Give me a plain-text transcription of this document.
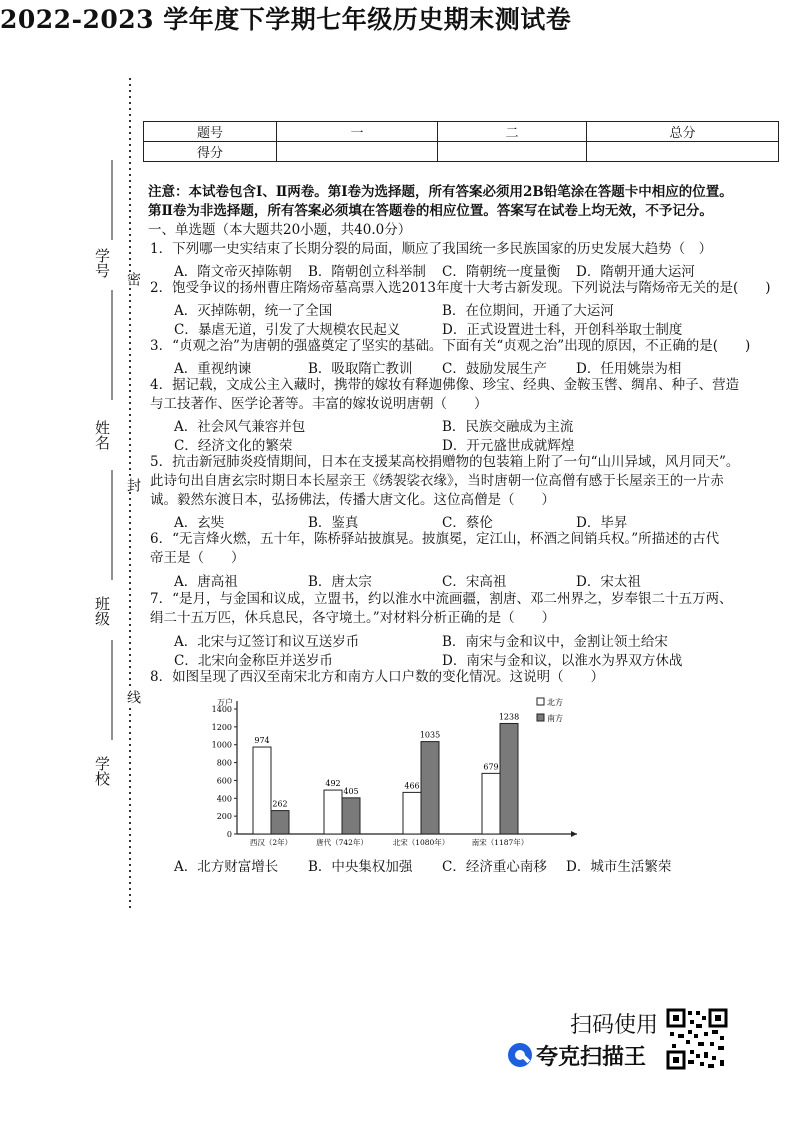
2022-2023 学年度下学期七年级历史期末测试卷
题号	一	二	总分
得分			
学号
姓名
班级
学校
密
封
线
注意：本试卷包含Ⅰ、Ⅱ两卷。第Ⅰ卷为选择题，所有答案必须用2B铅笔涂在答题卡中相应的位置。
第Ⅱ卷为非选择题，所有答案必须填在答题卷的相应位置。答案写在试卷上均无效，不予记分。
一、单选题（本大题共20小题，共40.0分）
1．下列哪一史实结束了长期分裂的局面，顺应了我国统一多民族国家的历史发展大趋势（　）
A．隋文帝灭掉陈朝 B．隋朝创立科举制 C．隋朝统一度量衡 D．隋朝开通大运河
2．饱受争议的扬州曹庄隋炀帝墓高票入选2013年度十大考古新发现。下列说法与隋炀帝无关的是(　　)
A．灭掉陈朝，统一了全国	B．在位期间，开通了大运河
C．暴虐无道，引发了大规模农民起义	D．正式设置进士科，开创科举取士制度
3．“贞观之治”为唐朝的强盛奠定了坚实的基础。下面有关“贞观之治”出现的原因，不正确的是(　　)
A．重视纳谏	B．吸取隋亡教训 C．鼓励发展生产 D．任用姚崇为相
4．据记载，文成公主入藏时，携带的嫁妆有释迦佛像、珍宝、经典、金鞍玉辔、绸帛、种子、营造
与工技著作、医学论著等。丰富的嫁妆说明唐朝（　　）
A．社会风气兼容并包	B．民族交融成为主流
C．经济文化的繁荣	D．开元盛世成就辉煌
5．抗击新冠肺炎疫情期间，日本在支援某高校捐赠物的包装箱上附了一句“山川异域，风月同天”。
此诗句出自唐玄宗时期日本长屋亲王《绣袈裟衣缘》，当时唐朝一位高僧有感于长屋亲王的一片赤
诚。毅然东渡日本，弘扬佛法，传播大唐文化。这位高僧是（　　）
A．玄奘	B．鉴真	C．蔡伦	D．毕昇
6．“无言烽火燃，五十年，陈桥驿站披旗晃。披旗冕，定江山，杯酒之间销兵权。”所描述的古代
帝王是（　　）
A．唐高祖	B．唐太宗	C．宋高祖	D．宋太祖
7．“是月，与金国和议成，立盟书，约以淮水中流画疆，割唐、邓二州界之，岁奉银二十五万两、
绢二十五万匹，休兵息民，各守境土。”对材料分析正确的是（　　）
A．北宋与辽签订和议互送岁币	B．南宋与金和议中，金割让领土给宋
C．北宋向金称臣并送岁币	D．南宋与金和议，以淮水为界双方休战
8．如图呈现了西汉至南宋北方和南方人口户数的变化情况。这说明（　　）
万户
0
200
400
600
800
1000
1200
1400
974
262
西汉（2年）
492
405
唐代（742年）
466
1035
北宋（1080年）
679
1238
南宋（1187年）
北方
南方
A．北方财富增长 B．中央集权加强 C．经济重心南移 D．城市生活繁荣
扫码使用
夸克扫描王
